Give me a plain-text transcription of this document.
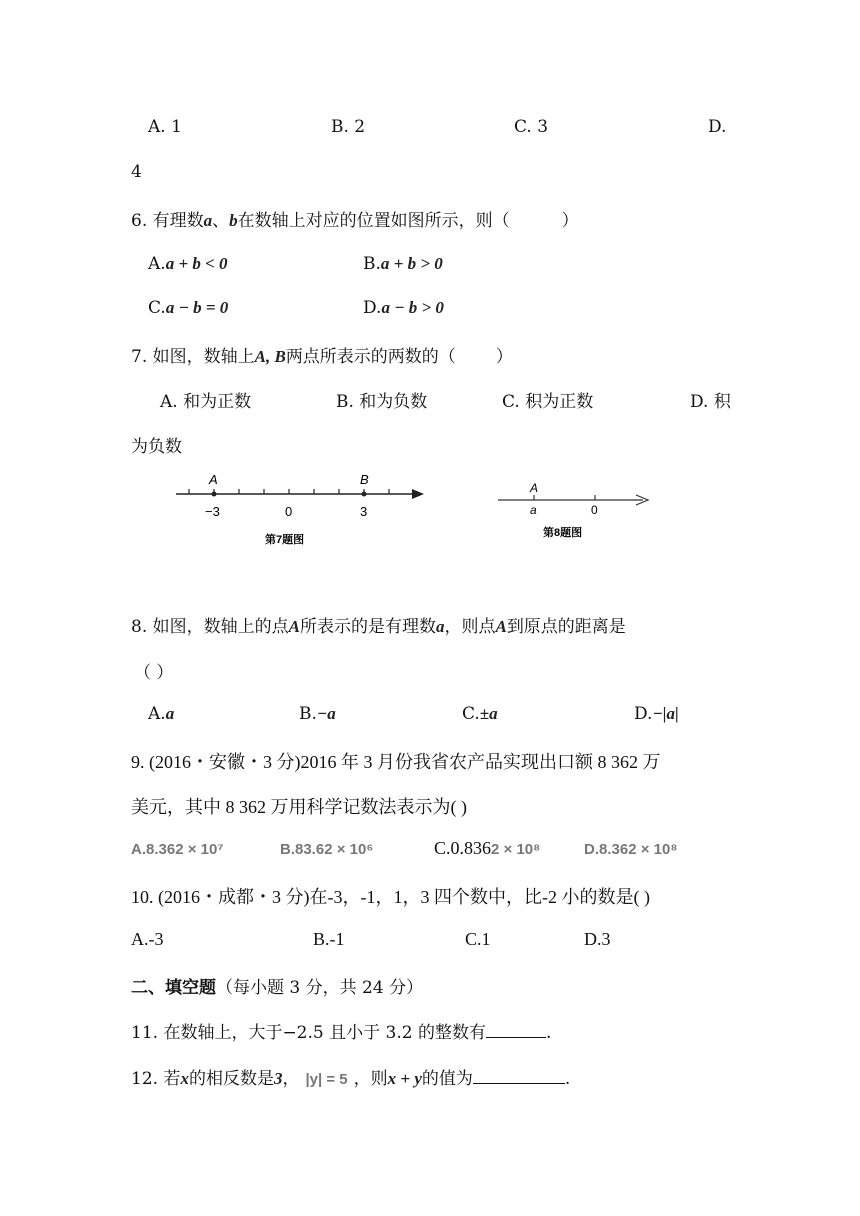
A. 1	B. 2	C. 3	D.
4
6. 有理数a、b在数轴上对应的位置如图所示，则（	）
A.a + b < 0	B.a + b > 0
C.a − b = 0	D.a − b > 0
7. 如图，数轴上A, B两点所表示的两数的（ ）
A. 和为正数	B. 和为负数	C. 积为正数	D. 积
为负数
A	B
−3	0	3
第7题图
A
a	0
第8题图
8. 如图，数轴上的点A所表示的是有理数a，则点A到原点的距离是
（ ）
A.a	B.−a	C.±a	D.−|a|
9. (2016・安徽・3 分)2016 年 3 月份我省农产品实现出口额 8 362 万
美元，其中 8 362 万用科学记数法表示为( )
A.8.362 × 10⁷	B.83.62 × 10⁶	C.0.8362 × 10⁸	D.8.362 × 10⁸
10. (2016・成都・3 分)在-3，-1，1，3 四个数中，比-2 小的数是( )
A.-3	B.-1	C.1	D.3
二、填空题（每小题 3 分，共 24 分）
11. 在数轴上，大于−2.5 且小于 3.2 的整数有	.
12. 若x的相反数是3， |y| = 5 ，则x + y的值为	.
